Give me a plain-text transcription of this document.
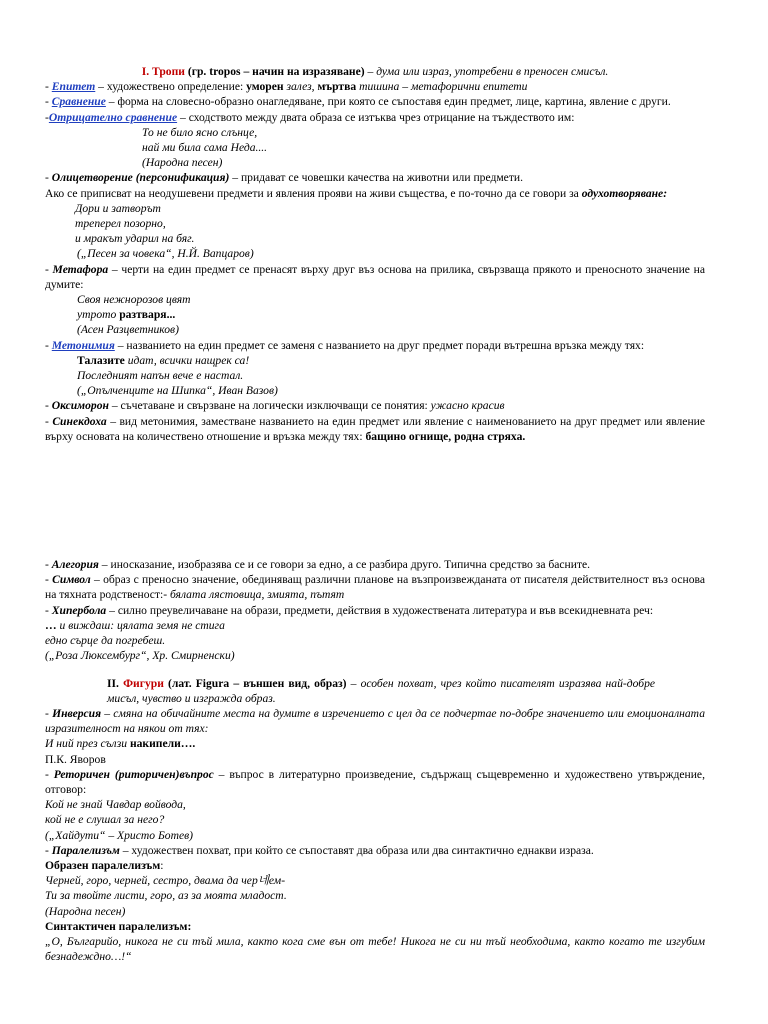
I. Тропи (гр. tropos – начин на изразяване) – дума или израз, употребени в преносен смисъл.

- Епитет – художествено определение: уморен залез, мъртва тишина – метафорични епитети

- Сравнение – форма на словесно-образно онагледяване, при която се съпоставя един предмет, лице, картина, явление с други.

-Отрицателно сравнение – сходството между двата образа се изтъква чрез отрицание на тъждеството им:

То не било ясно слънце,

най ми била сама Неда....

(Народна песен)

- Олицетворение (персонификация) – придават се човешки качества на животни или предмети.

Ако се приписват на неодушевени предмети и явления прояви на живи същества, е по-точно да се говори за одухотворяване:

Дори и затворът

треперел позорно,

и мракът ударил на бяг.

(„Песен за човека“, Н.Й. Вапцаров)

- Метафора – черти на един предмет се пренасят върху друг въз основа на прилика, свързваща прякото и преносното значение на думите:

Своя нежнорозов цвят

утрото разтваря...

(Асен Разцветников)

- Метонимия – названието на един предмет се заменя с названието на друг предмет поради вътрешна връзка между тях:

Талазите идат, всички нащрек са!

Последният напън вече е настал.

(„Опълченците на Шипка“, Иван Вазов)

- Оксиморон – съчетаване и свързване на логически изключващи се понятия: ужасно красив

- Синекдоха – вид метонимия, заместване названието на един предмет или явление с наименованието на друг предмет или явление върху основата на количествено отношение и връзка между тях: бащино огнище, родна стряха.

- Алегория – иносказание, изобразява се и се говори за едно, а се разбира друго. Типична средство за басните.

- Символ – образ с преносно значение, обединяващ различни планове на възпроизвежданата от писателя действителност въз основа на тяхната родственост:- бялата лястовица, змията, пътят

- Хипербола – силно преувеличаване на образи, предмети, действия в художествената литература и във всекидневната реч:

… и виждаш: цялата земя не стига

едно сърце да погребеш.

(„Роза Люксембург“, Хр. Смирненски)

II. Фигури (лат. Figura – външен вид, образ) – особен похват, чрез който писателят изразява най-добре мисъл, чувство и изгражда образ.

- Инверсия – смяна на обичайните места на думите в изречението с цел да се подчертае по-добре значението или емоционалната изразителност на някои от тях:

И ний през сълзи накипели….

П.К. Яворов

- Реторичен (риторичен)въпрос – въпрос в литературно произведение, съдържащ същевременно и художествено утвърждение, отговор:

Кой не знай Чавдар войвода,

кой не е слушал за него?

(„Хайдути“ – Христо Ботев)

- Паралелизъм – художествен похват, при който се съпоставят два образа или два синтактично еднакви израза.

Образен паралелизъм:

Черней, горо, черней, сестро, двама да чер네ем-

Ти за твойте листи, горо, аз за моята младост.

(Народна песен)

Синтактичен паралелизъм:

„О, Българийо, никога не си тъй мила, както кога сме вън от тебе! Никога не си ни тъй необходима, както когато те изгубим безнадеждно…!“
